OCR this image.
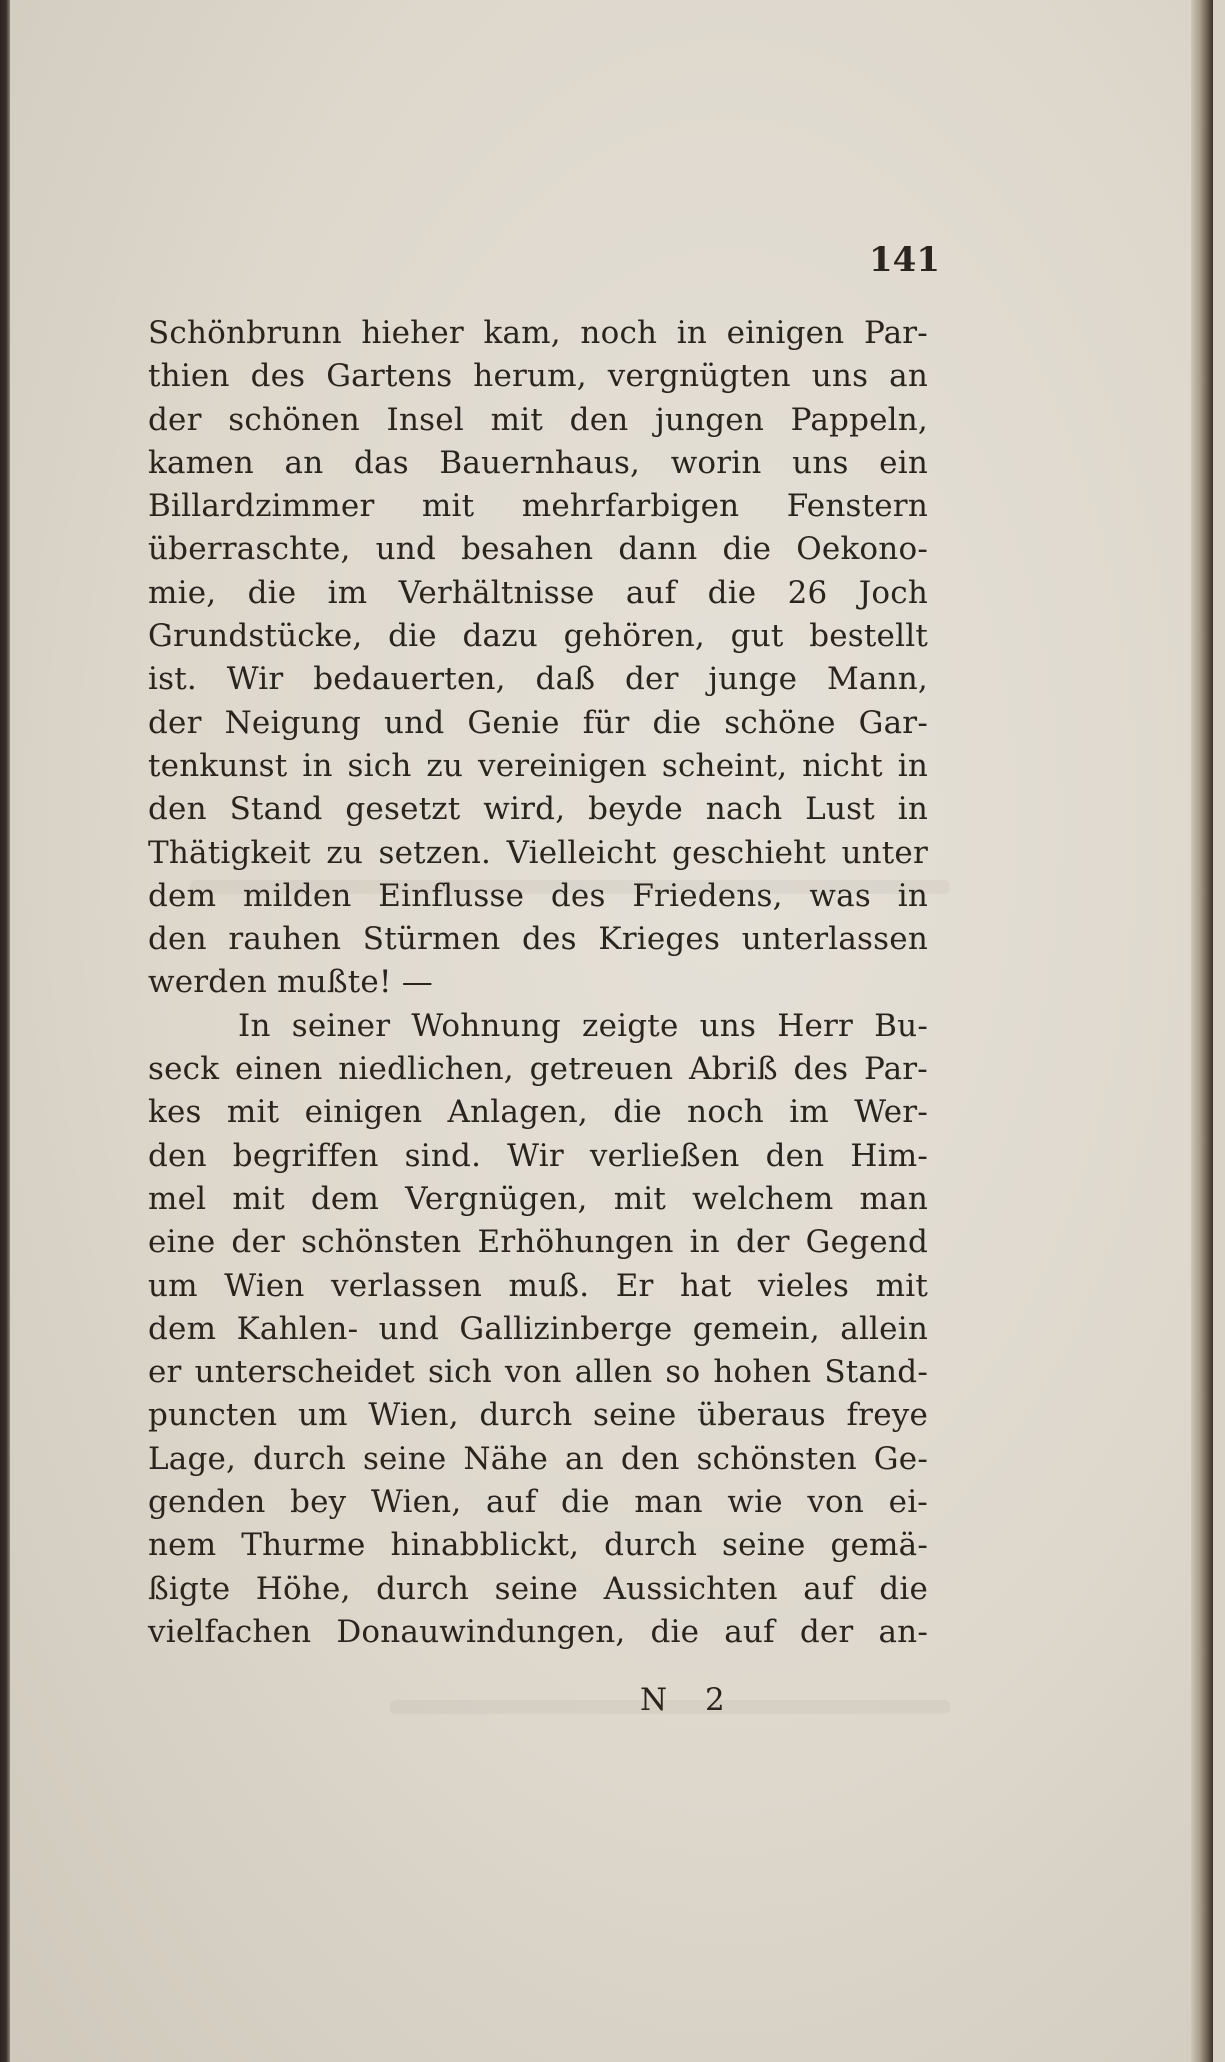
141
Schönbrunn hieher kam, noch in einigen Par-
thien des Gartens herum, vergnügten uns an
der schönen Insel mit den jungen Pappeln,
kamen an das Bauernhaus, worin uns ein
Billardzimmer mit mehrfarbigen Fenstern
überraschte, und besahen dann die Oekono-
mie, die im Verhältnisse auf die 26 Joch
Grundstücke, die dazu gehören, gut bestellt
ist. Wir bedauerten, daß der junge Mann,
der Neigung und Genie für die schöne Gar-
tenkunst in sich zu vereinigen scheint, nicht in
den Stand gesetzt wird, beyde nach Lust in
Thätigkeit zu setzen. Vielleicht geschieht unter
dem milden Einflusse des Friedens, was in
den rauhen Stürmen des Krieges unterlassen
werden mußte! —
In seiner Wohnung zeigte uns Herr Bu-
seck einen niedlichen, getreuen Abriß des Par-
kes mit einigen Anlagen, die noch im Wer-
den begriffen sind. Wir verließen den Him-
mel mit dem Vergnügen, mit welchem man
eine der schönsten Erhöhungen in der Gegend
um Wien verlassen muß. Er hat vieles mit
dem Kahlen- und Gallizinberge gemein, allein
er unterscheidet sich von allen so hohen Stand-
puncten um Wien, durch seine überaus freye
Lage, durch seine Nähe an den schönsten Ge-
genden bey Wien, auf die man wie von ei-
nem Thurme hinabblickt, durch seine gemä-
ßigte Höhe, durch seine Aussichten auf die
vielfachen Donauwindungen, die auf der an-
N 2
